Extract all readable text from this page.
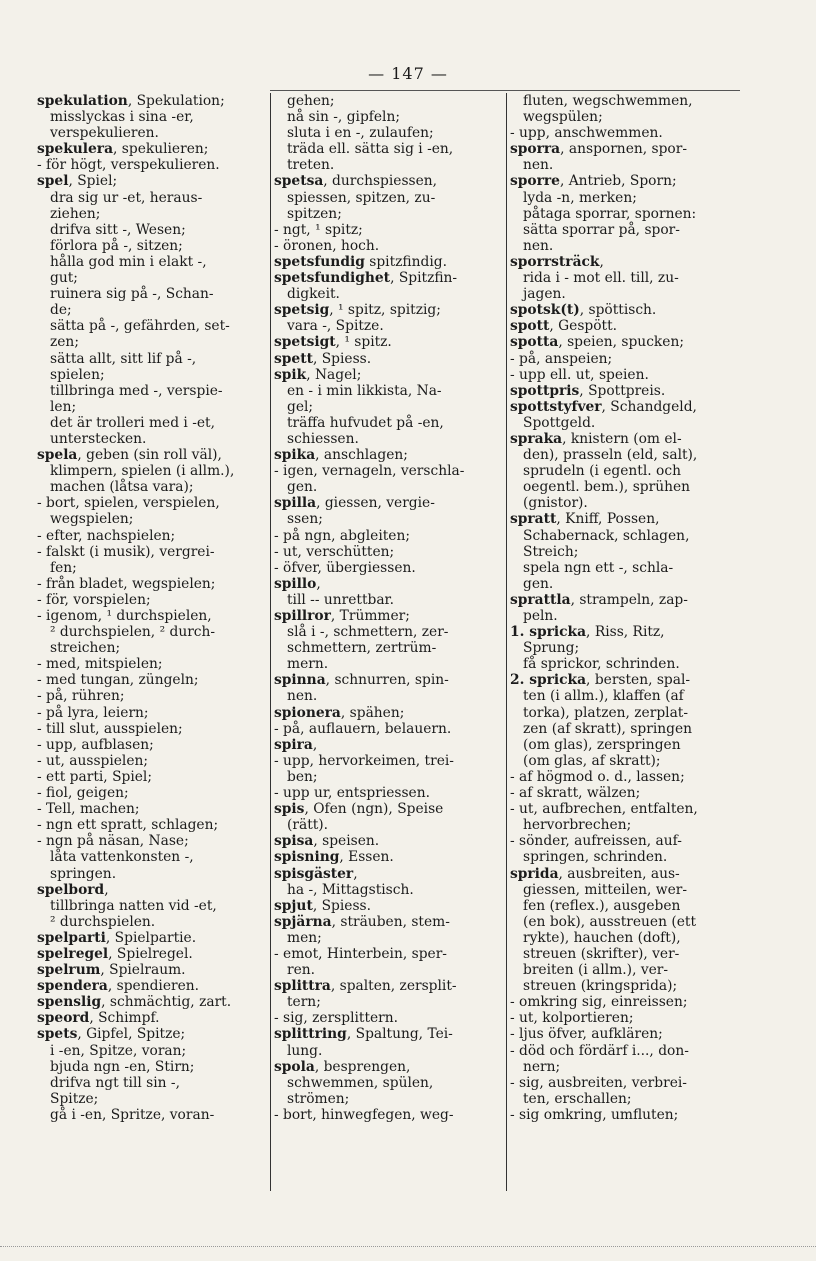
— 147 —
spekulation, Spekulation;
misslyckas i sina -er,
verspekulieren.
spekulera, spekulieren;
- för högt, verspekulieren.
spel, Spiel;
dra sig ur -et, heraus-
ziehen;
drifva sitt -, Wesen;
förlora på -, sitzen;
hålla god min i elakt -,
gut;
ruinera sig på -, Schan-
de;
sätta på -, gefährden, set-
zen;
sätta allt, sitt lif på -,
spielen;
tillbringa med -, verspie-
len;
det är trolleri med i -et,
unterstecken.
spela, geben (sin roll väl),
klimpern, spielen (i allm.),
machen (låtsa vara);
- bort, spielen, verspielen,
wegspielen;
- efter, nachspielen;
- falskt (i musik), vergrei-
fen;
- från bladet, wegspielen;
- för, vorspielen;
- igenom, ¹ durchspielen,
² durchspielen, ² durch-
streichen;
- med, mitspielen;
- med tungan, züngeln;
- på, rühren;
- på lyra, leiern;
- till slut, ausspielen;
- upp, aufblasen;
- ut, ausspielen;
- ett parti, Spiel;
- fiol, geigen;
- Tell, machen;
- ngn ett spratt, schlagen;
- ngn på näsan, Nase;
låta vattenkonsten -,
springen.
spelbord,
tillbringa natten vid -et,
² durchspielen.
spelparti, Spielpartie.
spelregel, Spielregel.
spelrum, Spielraum.
spendera, spendieren.
spenslig, schmächtig, zart.
speord, Schimpf.
spets, Gipfel, Spitze;
i -en, Spitze, voran;
bjuda ngn -en, Stirn;
drifva ngt till sin -,
Spitze;
gå i -en, Spritze, voran-
gehen;
nå sin -, gipfeln;
sluta i en -, zulaufen;
träda ell. sätta sig i -en,
treten.
spetsa, durchspiessen,
spiessen, spitzen, zu-
spitzen;
- ngt, ¹ spitz;
- öronen, hoch.
spetsfundig spitzfindig.
spetsfundighet, Spitzfin-
digkeit.
spetsig, ¹ spitz, spitzig;
vara -, Spitze.
spetsigt, ¹ spitz.
spett, Spiess.
spik, Nagel;
en - i min likkista, Na-
gel;
träffa hufvudet på -en,
schiessen.
spika, anschlagen;
- igen, vernageln, verschla-
gen.
spilla, giessen, vergie-
ssen;
- på ngn, abgleiten;
- ut, verschütten;
- öfver, übergiessen.
spillo,
till -- unrettbar.
spillror, Trümmer;
slå i -, schmettern, zer-
schmettern, zertrüm-
mern.
spinna, schnurren, spin-
nen.
spionera, spähen;
- på, auflauern, belauern.
spira,
- upp, hervorkeimen, trei-
ben;
- upp ur, entspriessen.
spis, Ofen (ngn), Speise
(rätt).
spisa, speisen.
spisning, Essen.
spisgäster,
ha -, Mittagstisch.
spjut, Spiess.
spjärna, sträuben, stem-
men;
- emot, Hinterbein, sper-
ren.
splittra, spalten, zersplit-
tern;
- sig, zersplittern.
splittring, Spaltung, Tei-
lung.
spola, besprengen,
schwemmen, spülen,
strömen;
- bort, hinwegfegen, weg-
fluten, wegschwemmen,
wegspülen;
- upp, anschwemmen.
sporra, anspornen, spor-
nen.
sporre, Antrieb, Sporn;
lyda -n, merken;
påtaga sporrar, spornen:
sätta sporrar på, spor-
nen.
sporrsträck,
rida i - mot ell. till, zu-
jagen.
spotsk(t), spöttisch.
spott, Gespött.
spotta, speien, spucken;
- på, anspeien;
- upp ell. ut, speien.
spottpris, Spottpreis.
spottstyfver, Schandgeld,
Spottgeld.
spraka, knistern (om el-
den), prasseln (eld, salt),
sprudeln (i egentl. och
oegentl. bem.), sprühen
(gnistor).
spratt, Kniff, Possen,
Schabernack, schlagen,
Streich;
spela ngn ett -, schla-
gen.
sprattla, strampeln, zap-
peln.
1. spricka, Riss, Ritz,
Sprung;
få sprickor, schrinden.
2. spricka, bersten, spal-
ten (i allm.), klaffen (af
torka), platzen, zerplat-
zen (af skratt), springen
(om glas), zerspringen
(om glas, af skratt);
- af högmod o. d., lassen;
- af skratt, wälzen;
- ut, aufbrechen, entfalten,
hervorbrechen;
- sönder, aufreissen, auf-
springen, schrinden.
sprida, ausbreiten, aus-
giessen, mitteilen, wer-
fen (reflex.), ausgeben
(en bok), ausstreuen (ett
rykte), hauchen (doft),
streuen (skrifter), ver-
breiten (i allm.), ver-
streuen (kringsprida);
- omkring sig, einreissen;
- ut, kolportieren;
- ljus öfver, aufklären;
- död och fördärf i..., don-
nern;
- sig, ausbreiten, verbrei-
ten, erschallen;
- sig omkring, umfluten;
